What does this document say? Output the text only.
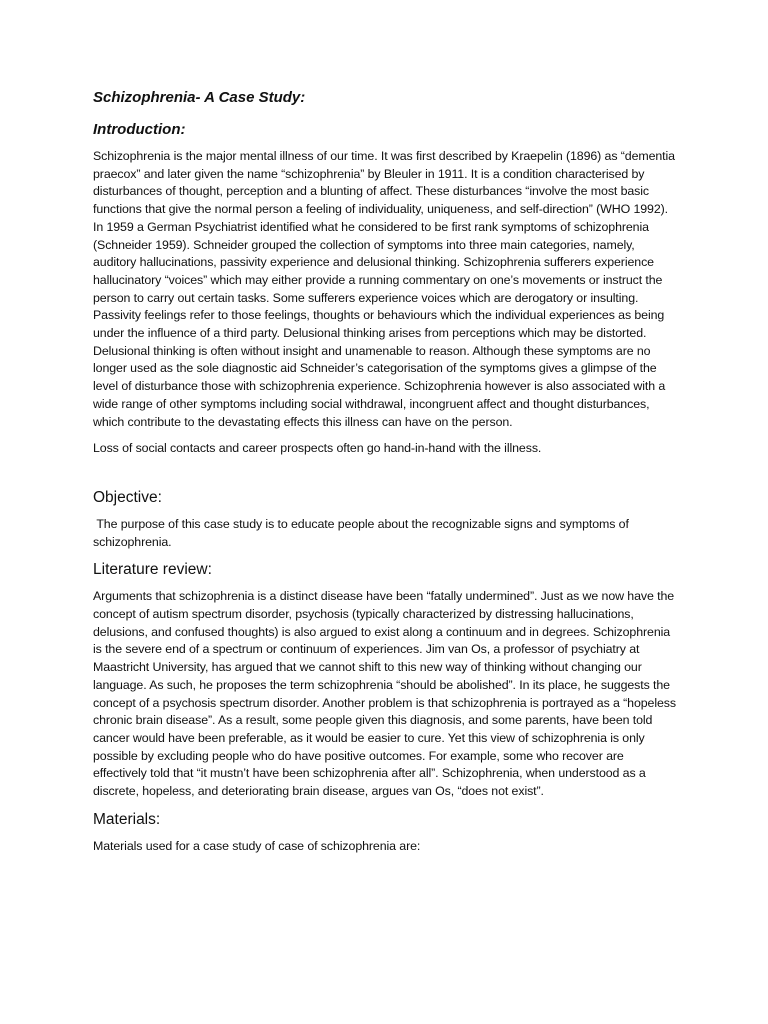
Schizophrenia- A Case Study:
Introduction:

Schizophrenia is the major mental illness of our time. It was first described by Kraepelin (1896) as “dementia praecox” and later given the name “schizophrenia” by Bleuler in 1911. It is a condition characterised by disturbances of thought, perception and a blunting of affect. These disturbances “involve the most basic functions that give the normal person a feeling of individuality, uniqueness, and self-direction” (WHO 1992). In 1959 a German Psychiatrist identified what he considered to be first rank symptoms of schizophrenia (Schneider 1959). Schneider grouped the collection of symptoms into three main categories, namely, auditory hallucinations, passivity experience and delusional thinking. Schizophrenia sufferers experience hallucinatory “voices” which may either provide a running commentary on one’s movements or instruct the person to carry out certain tasks. Some sufferers experience voices which are derogatory or insulting. Passivity feelings refer to those feelings, thoughts or behaviours which the individual experiences as being under the influence of a third party. Delusional thinking arises from perceptions which may be distorted. Delusional thinking is often without insight and unamenable to reason. Although these symptoms are no longer used as the sole diagnostic aid Schneider’s categorisation of the symptoms gives a glimpse of the level of disturbance those with schizophrenia experience. Schizophrenia however is also associated with a wide range of other symptoms including social withdrawal, incongruent affect and thought disturbances, which contribute to the devastating effects this illness can have on the person.

Loss of social contacts and career prospects often go hand-in-hand with the illness.

Objective:

The purpose of this case study is to educate people about the recognizable signs and symptoms of schizophrenia.

Literature review:

Arguments that schizophrenia is a distinct disease have been “fatally undermined”. Just as we now have the concept of autism spectrum disorder, psychosis (typically characterized by distressing hallucinations, delusions, and confused thoughts) is also argued to exist along a continuum and in degrees. Schizophrenia is the severe end of a spectrum or continuum of experiences. Jim van Os, a professor of psychiatry at Maastricht University, has argued that we cannot shift to this new way of thinking without changing our language. As such, he proposes the term schizophrenia “should be abolished”. In its place, he suggests the concept of a psychosis spectrum disorder. Another problem is that schizophrenia is portrayed as a “hopeless chronic brain disease”. As a result, some people given this diagnosis, and some parents, have been told cancer would have been preferable, as it would be easier to cure. Yet this view of schizophrenia is only possible by excluding people who do have positive outcomes. For example, some who recover are effectively told that “it mustn’t have been schizophrenia after all”. Schizophrenia, when understood as a discrete, hopeless, and deteriorating brain disease, argues van Os, “does not exist”.

Materials:

Materials used for a case study of case of schizophrenia are:
